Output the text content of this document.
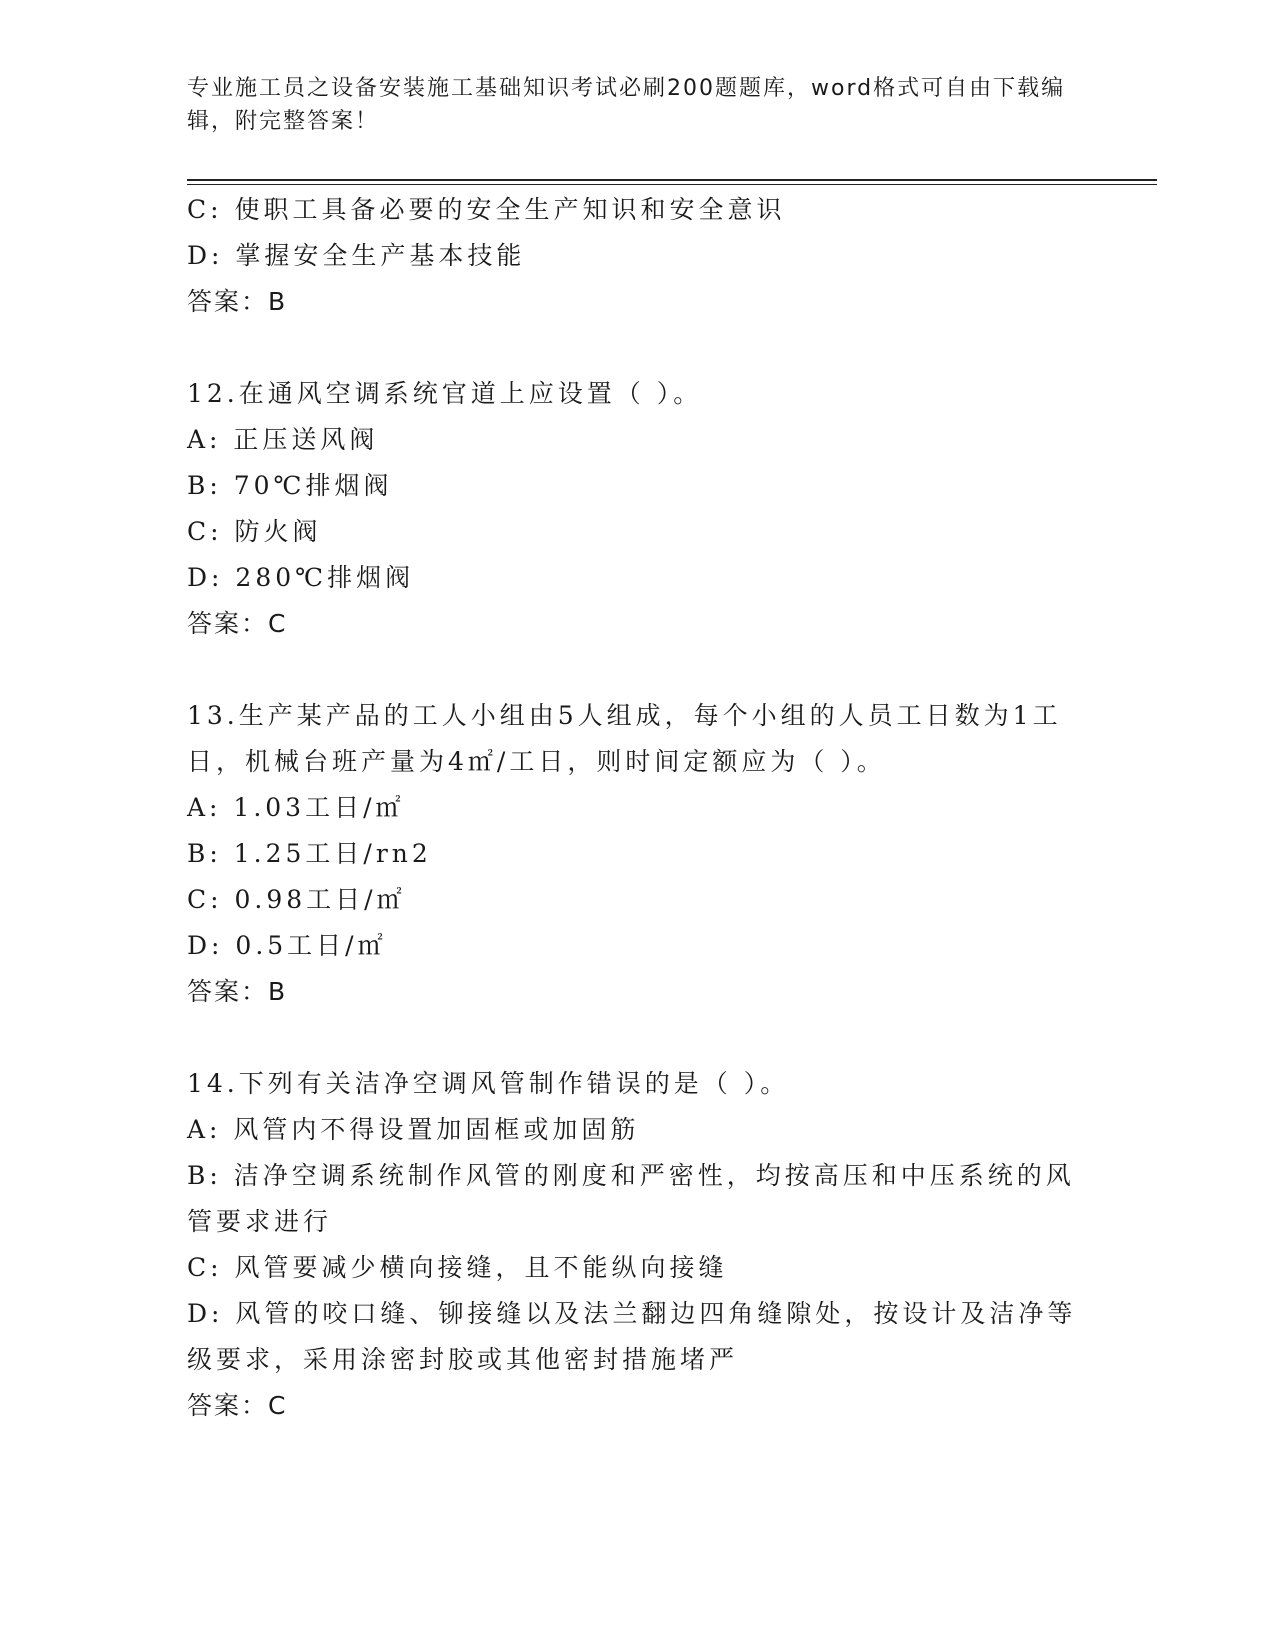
专业施工员之设备安装施工基础知识考试必刷200题题库，word格式可自由下载编辑，附完整答案！
C: 使职工具备必要的安全生产知识和安全意识
D: 掌握安全生产基本技能
答案：B
12.在通风空调系统官道上应设置（ ）。
A: 正压送风阀
B: 70℃排烟阀
C: 防火阀
D: 280℃排烟阀
答案：C
13.生产某产品的工人小组由5人组成，每个小组的人员工日数为1工日，机械台班产量为4㎡/工日，则时间定额应为（ ）。
A: 1.03工日/㎡
B: 1.25工日/rn2
C: 0.98工日/㎡
D: 0.5工日/㎡
答案：B
14.下列有关洁净空调风管制作错误的是（ ）。
A: 风管内不得设置加固框或加固筋
B: 洁净空调系统制作风管的刚度和严密性，均按高压和中压系统的风管要求进行
C: 风管要减少横向接缝，且不能纵向接缝
D: 风管的咬口缝、铆接缝以及法兰翻边四角缝隙处，按设计及洁净等级要求，采用涂密封胶或其他密封措施堵严
答案：C
